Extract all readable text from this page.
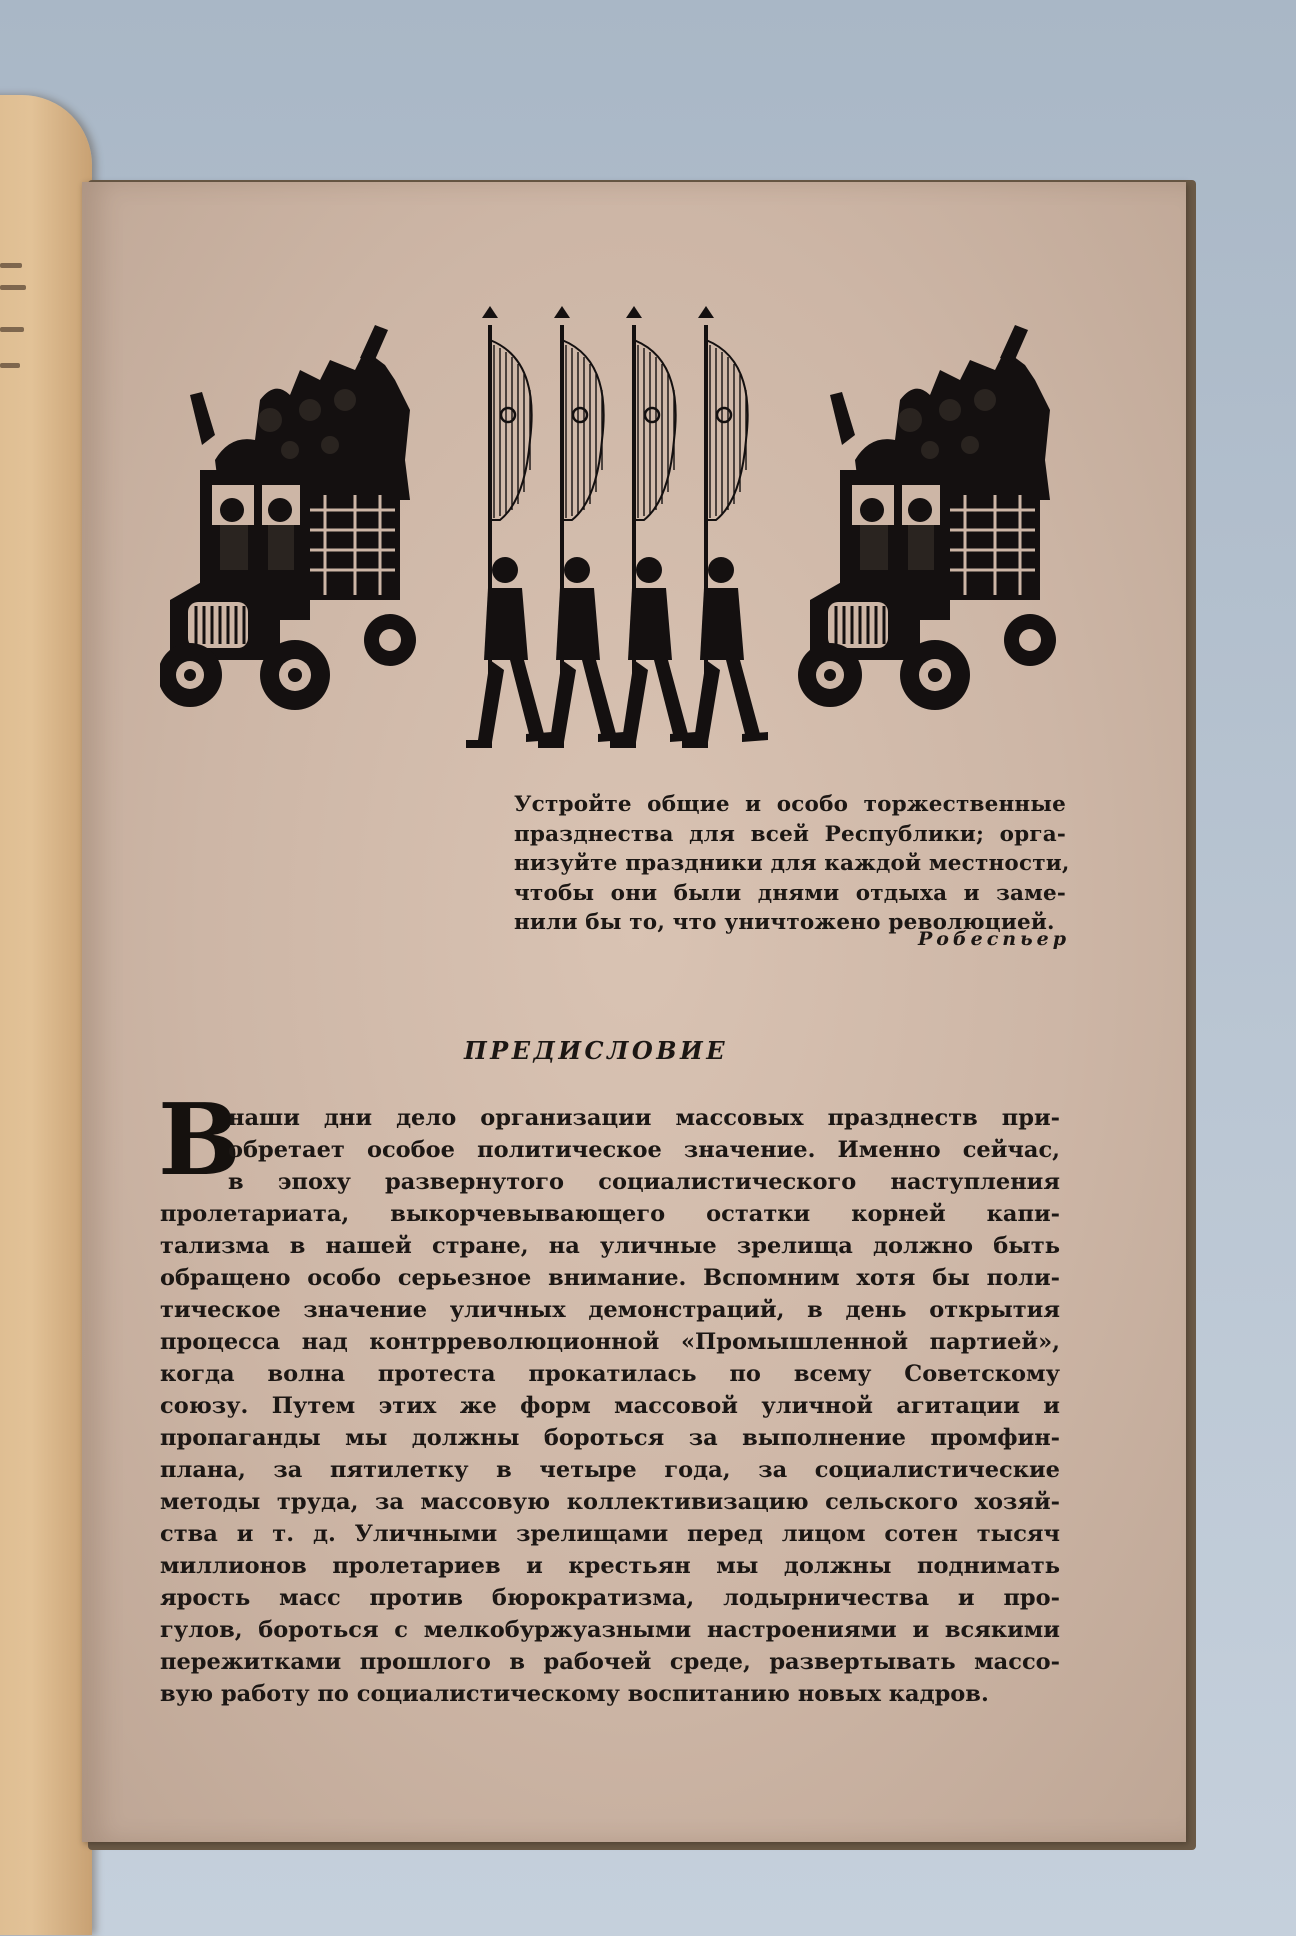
Устройте общие и особо торжественные
празднества для всей Республики; орга-
низуйте праздники для каждой местности,
чтобы они были днями отдыха и заме-
нили бы то, что уничтожено революцией.
Робеспьер
ПРЕДИСЛОВИЕ
В
наши дни дело организации массовых празднеств при-
обретает особое политическое значение. Именно сейчас,
в эпоху развернутого социалистического наступления
пролетариата, выкорчевывающего остатки корней капи-
тализма в нашей стране, на уличные зрелища должно быть
обращено особо серьезное внимание. Вспомним хотя бы поли-
тическое значение уличных демонстраций, в день открытия
процесса над контрреволюционной «Промышленной партией»,
когда волна протеста прокатилась по всему Советскому
союзу. Путем этих же форм массовой уличной агитации и
пропаганды мы должны бороться за выполнение промфин-
плана, за пятилетку в четыре года, за социалистические
методы труда, за массовую коллективизацию сельского хозяй-
ства и т. д. Уличными зрелищами перед лицом сотен тысяч
миллионов пролетариев и крестьян мы должны поднимать
ярость масс против бюрократизма, лодырничества и про-
гулов, бороться с мелкобуржуазными настроениями и всякими
пережитками прошлого в рабочей среде, развертывать массо-
вую работу по социалистическому воспитанию новых кадров.
